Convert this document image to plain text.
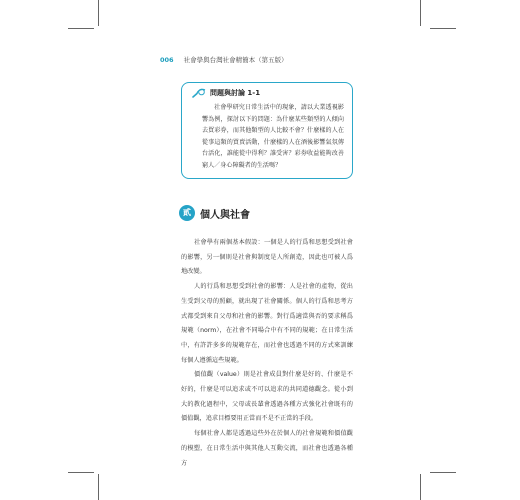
006 社會學與台灣社會精簡本（第五版）
問題與討論 1-1
社會學研究日常生活中的現象，請以大業透視影響為例，探討以下的問題：為什麼某些類型的人傾向去買彩券，而其他類型的人比較不會？什麼樣的人在從事這類的買賣活動，什麼樣的人在酒後影響氣氛傳台活化，誰能從中得利？誰受害？彩券收益能夠改善窮人／身心障礙者的生活嗎？
貳 個人與社會

社會學有兩個基本假設：一個是人的行爲和思想受到社會的影響，另一個則是社會與制度是人所創造，因此也可被人爲地改變。

人的行爲和思想受到社會的影響：人是社會的產物，從出生受到父母的照顧，就出現了社會關係。個人的行爲和思考方式都受到來自父母和社會的影響。對行爲適當與否的要求稱爲規範（norm），在社會不同場合中有不同的規範；在日常生活中，有許許多多的規範存在，而社會也透過不同的方式來訓練每個人遵循這些規範。

價值觀（value）則是社會成員對什麼是好的、什麼是不好的，什麼是可以追求或不可以追求的共同道德觀念。從小到大的教化過程中，父母或長輩會透過各種方式強化社會既有的價值觀，追求目標要用正當而不是不正當的手段。

每個社會人都是透過這些外在於個人的社會規範和價值觀的模塑，在日常生活中與其他人互動交流，而社會也透過各種方
